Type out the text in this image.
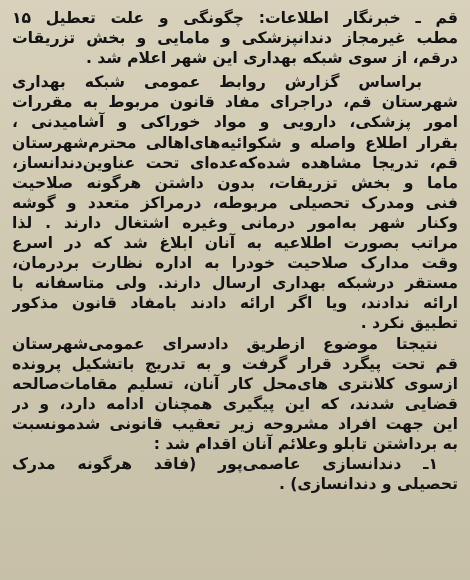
قم ـ خبرنگار اطلاعات: چگونگی و علت تعطیل ۱۵
مطب غیرمجاز دندانپزشکی و مامایی و بخش تزریقات
درقم، از سوی شبکه بهداری این شهر اعلام شد .
براساس گزارش روابط عمومی شبکه بهداری
شهرستان قم، دراجرای مفاد قانون مربوط به مقررات
امور پزشکی، دارویی و مواد خوراکی و آشامیدنی ،
بقرار اطلاع واصله و شکوائیه‌های‌اهالی محترم‌شهرستان
قم، تدریجا مشاهده شده‌که‌عده‌ای تحت عناوین‌دندانساز،
ماما و بخش تزریقات، بدون داشتن هرگونه صلاحیت
فنی ومدرک تحصیلی مربوطه، درمراکز متعدد و گوشه
وکنار شهر به‌امور درمانی وغیره اشتغال دارند . لذا
مراتب بصورت اطلاعیه به آنان ابلاغ شد که در اسرع
وقت مدارک صلاحیت خودرا به اداره نظارت بردرمان،
مستقر درشبکه بهداری ارسال دارند. ولی متاسفانه با
ارائه ندادند، ویا اگر ارائه دادند بامفاد قانون مذکور
تطبیق نکرد .
نتیجتا موضوع ازطریق دادسرای عمومی‌شهرستان
قم تحت پیگرد قرار گرفت و به تدریج باتشکیل پرونده
ازسوی کلانتری های‌محل کار آنان، تسلیم مقامات‌صالحه
قضایی شدند، که این پیگیری همچنان ادامه دارد، و در
این جهت افراد مشروحه زیر تعقیب قانونی شدمونسبت
به برداشتن تابلو وعلائم آنان اقدام شد :
۱ـ دندانسازی عاصمی‌پور (فاقد هرگونه مدرک
تحصیلی و دندانسازی) .
